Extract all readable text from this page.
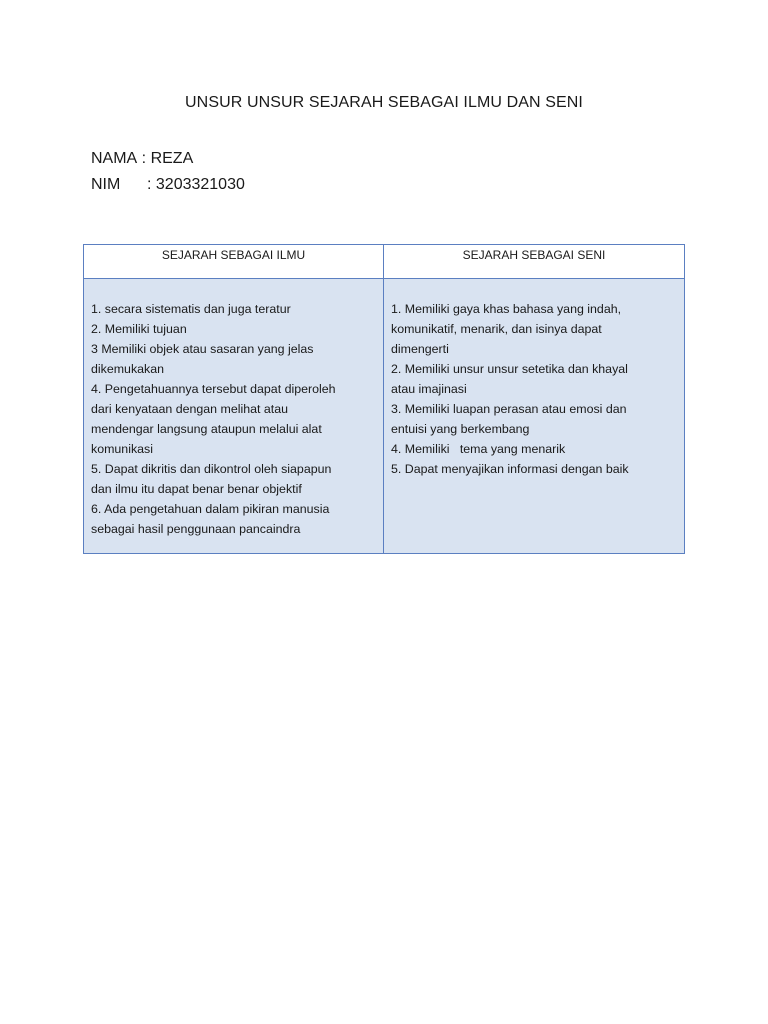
UNSUR UNSUR SEJARAH SEBAGAI ILMU DAN SENI
NAMA : REZA
NIM	: 3203321030
SEJARAH SEBAGAI ILMU	SEJARAH SEBAGAI SENI
1. secara sistematis dan juga teratur
2. Memiliki tujuan
3 Memiliki objek atau sasaran yang jelas
dikemukakan
4. Pengetahuannya tersebut dapat diperoleh
dari kenyataan dengan melihat atau
mendengar langsung ataupun melalui alat
komunikasi
5. Dapat dikritis dan dikontrol oleh siapapun
dan ilmu itu dapat benar benar objektif
6. Ada pengetahuan dalam pikiran manusia
sebagai hasil penggunaan pancaindra
1. Memiliki gaya khas bahasa yang indah,
komunikatif, menarik, dan isinya dapat
dimengerti
2. Memiliki unsur unsur setetika dan khayal
atau imajinasi
3. Memiliki luapan perasan atau emosi dan
entuisi yang berkembang
4. Memiliki   tema yang menarik
5. Dapat menyajikan informasi dengan baik
